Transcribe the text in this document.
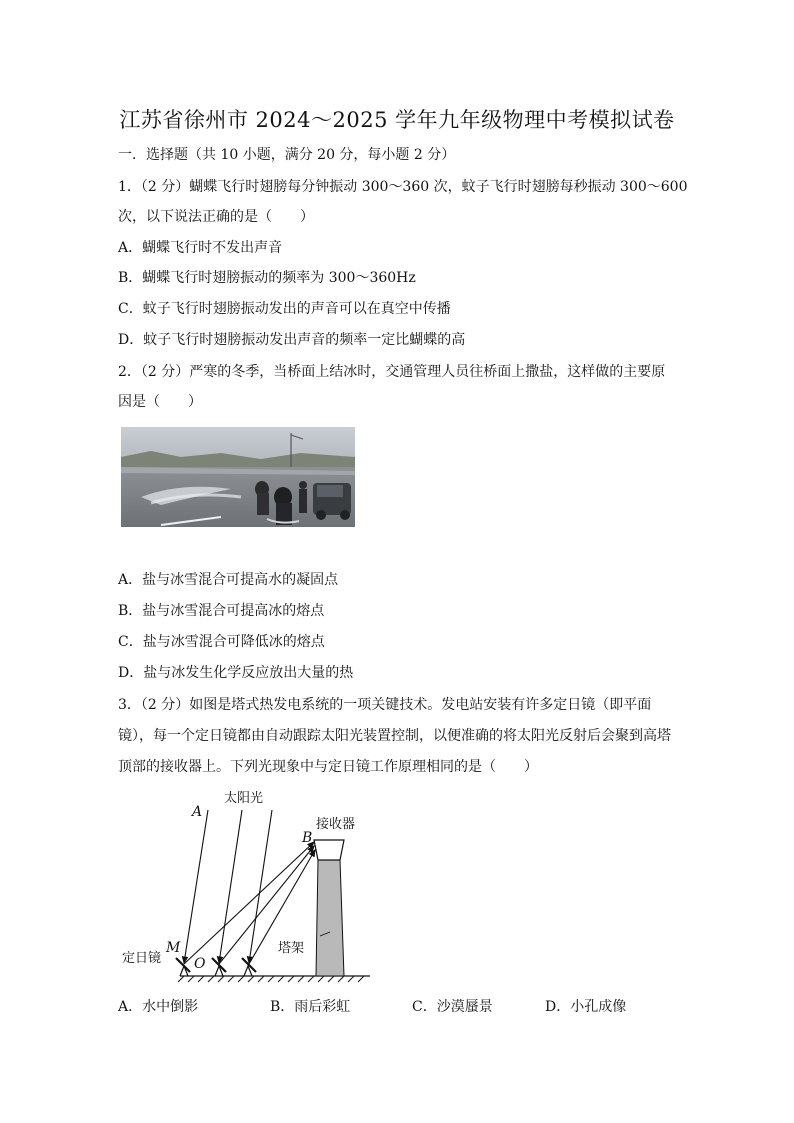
江苏省徐州市 2024～2025 学年九年级物理中考模拟试卷
一．选择题（共 10 小题，满分 20 分，每小题 2 分）
1．（2 分）蝴蝶飞行时翅膀每分钟振动 300～360 次，蚊子飞行时翅膀每秒振动 300～600
次，以下说法正确的是（　　）
A．蝴蝶飞行时不发出声音
B．蝴蝶飞行时翅膀振动的频率为 300～360Hz
C．蚊子飞行时翅膀振动发出的声音可以在真空中传播
D．蚊子飞行时翅膀振动发出声音的频率一定比蝴蝶的高
2．（2 分）严寒的冬季，当桥面上结冰时，交通管理人员往桥面上撒盐，这样做的主要原
因是（　　）
A．盐与冰雪混合可提高水的凝固点
B．盐与冰雪混合可提高冰的熔点
C．盐与冰雪混合可降低冰的熔点
D．盐与冰发生化学反应放出大量的热
3．（2 分）如图是塔式热发电系统的一项关键技术。发电站安装有许多定日镜（即平面
镜），每一个定日镜都由自动跟踪太阳光装置控制，以便准确的将太阳光反射后会聚到高塔
顶部的接收器上。下列光现象中与定日镜工作原理相同的是（　　）
A
太阳光
B
接收器
塔架
M
O
定日镜
A．水中倒影	B．雨后彩虹	C．沙漠蜃景	D．小孔成像
